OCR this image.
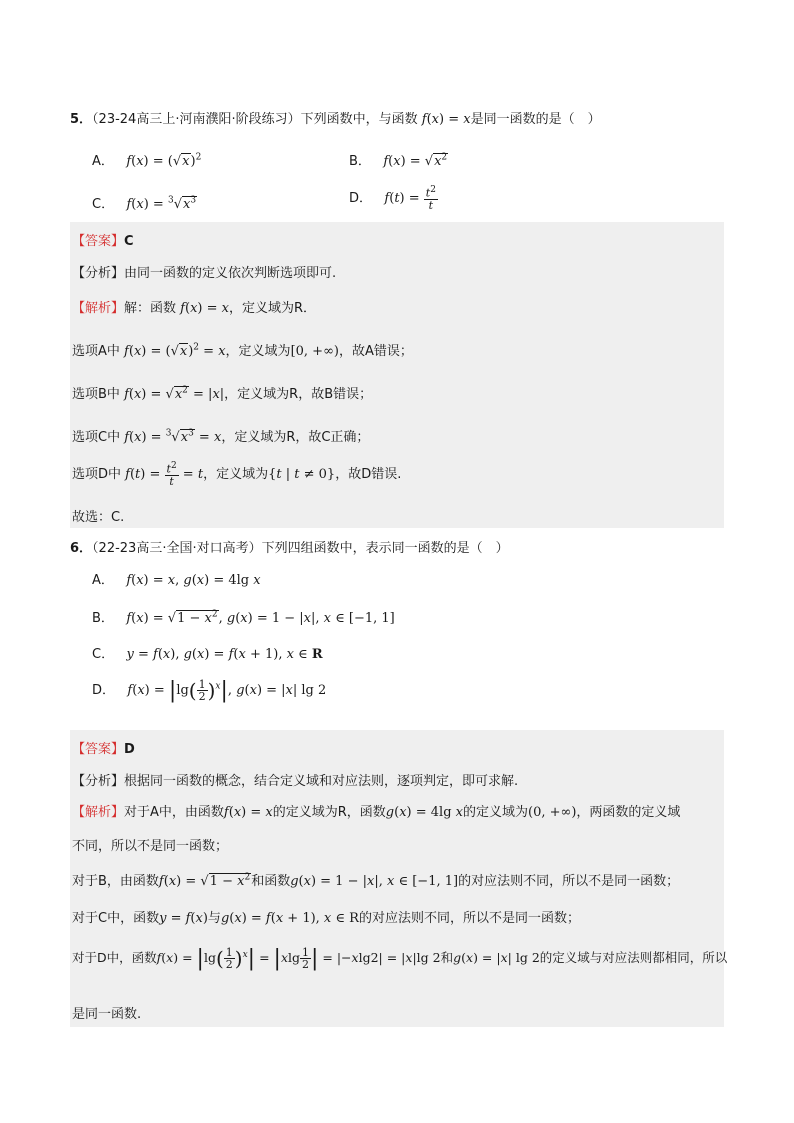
5．（23-24高三上·河南濮阳·阶段练习）下列函数中，与函数 f(x) = x是同一函数的是（　）
A． $f(x) = (√x)^2$	B． $f(x) = √x^2$
C． $f(x) = ^3√x^3$	D． $f(t) = \frac{t^2}{t}$
【答案】C
【分析】由同一函数的定义依次判断选项即可.
【解析】解：函数 f(x) = x，定义域为R．
选项A中 $f(x) = (√x)^2 = x$，定义域为[0, +∞)，故A错误；
选项B中 $f(x) = √x^2 = |x|$，定义域为R，故B错误；
选项C中 $f(x) = ^3√x^3 = x$，定义域为R，故C正确；
选项D中 $f(t) = \frac{t^2}{t} = t$，定义域为{t | t ≠ 0}，故D错误.
故选：C.
6．（22-23高三·全国·对口高考）下列四组函数中，表示同一函数的是（　）
A． f(x) = x, g(x) = 4lg x
B． $f(x) = √1 - x^2$, g(x) = 1 − |x|, x ∈ [−1, 1]
C． y = f(x), g(x) = f(x + 1), x ∈ R
D． $f(x) = |\lg( \frac{1}{2} )^x|$, g(x) = |x| lg 2
【答案】D
【分析】根据同一函数的概念，结合定义域和对应法则，逐项判定，即可求解.
【解析】对于A中，由函数f(x) = x的定义域为R，函数g(x) = 4lg x的定义域为(0, +∞)，两函数的定义域
不同，所以不是同一函数；
对于B，由函数$f(x) = √1 - x^2$和函数g(x) = 1 − |x|, x ∈ [−1, 1]的对应法则不同，所以不是同一函数；
对于C中，函数y = f(x)与g(x) = f(x + 1), x ∈ R的对应法则不同，所以不是同一函数；
对于D中，函数$f(x) = |\lg( \frac{1}{2} )^x| = |xlg \frac{1}{2}$ | = |−xlg2| = |x|lg 2和g(x) = |x| lg 2的定义域与对应法则都相同，所以
是同一函数.
